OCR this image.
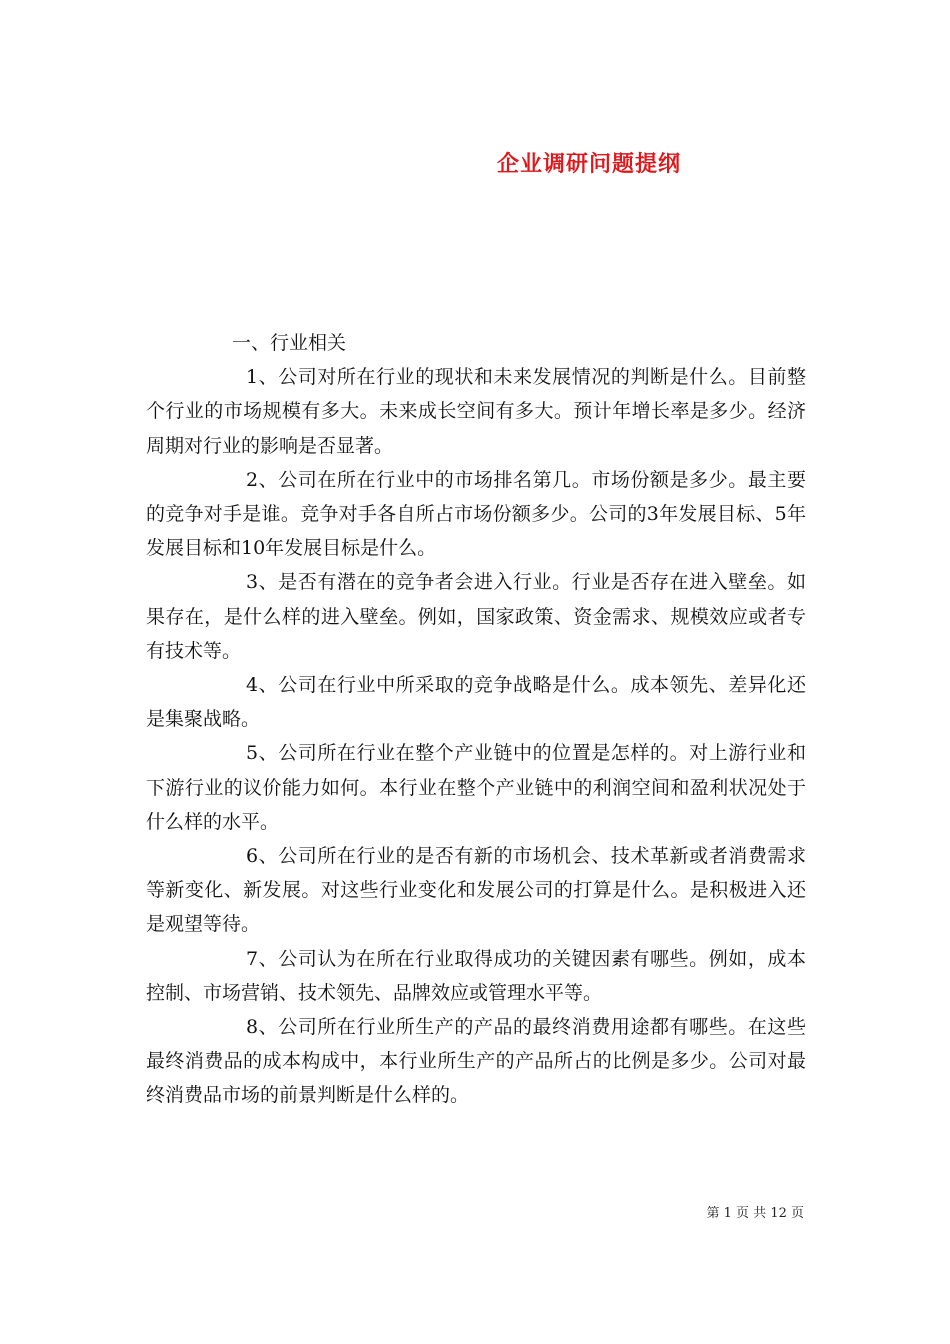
企业调研问题提纲

一、行业相关

1、公司对所在行业的现状和未来发展情况的判断是什么。目前整个行业的市场规模有多大。未来成长空间有多大。预计年增长率是多少。经济周期对行业的影响是否显著。

2、公司在所在行业中的市场排名第几。市场份额是多少。最主要的竞争对手是谁。竞争对手各自所占市场份额多少。公司的3年发展目标、5年发展目标和10年发展目标是什么。

3、是否有潜在的竞争者会进入行业。行业是否存在进入壁垒。如果存在，是什么样的进入壁垒。例如，国家政策、资金需求、规模效应或者专有技术等。

4、公司在行业中所采取的竞争战略是什么。成本领先、差异化还是集聚战略。

5、公司所在行业在整个产业链中的位置是怎样的。对上游行业和下游行业的议价能力如何。本行业在整个产业链中的利润空间和盈利状况处于什么样的水平。

6、公司所在行业的是否有新的市场机会、技术革新或者消费需求等新变化、新发展。对这些行业变化和发展公司的打算是什么。是积极进入还是观望等待。

7、公司认为在所在行业取得成功的关键因素有哪些。例如，成本控制、市场营销、技术领先、品牌效应或管理水平等。

8、公司所在行业所生产的产品的最终消费用途都有哪些。在这些最终消费品的成本构成中，本行业所生产的产品所占的比例是多少。公司对最终消费品市场的前景判断是什么样的。

第 1 页 共 12 页
